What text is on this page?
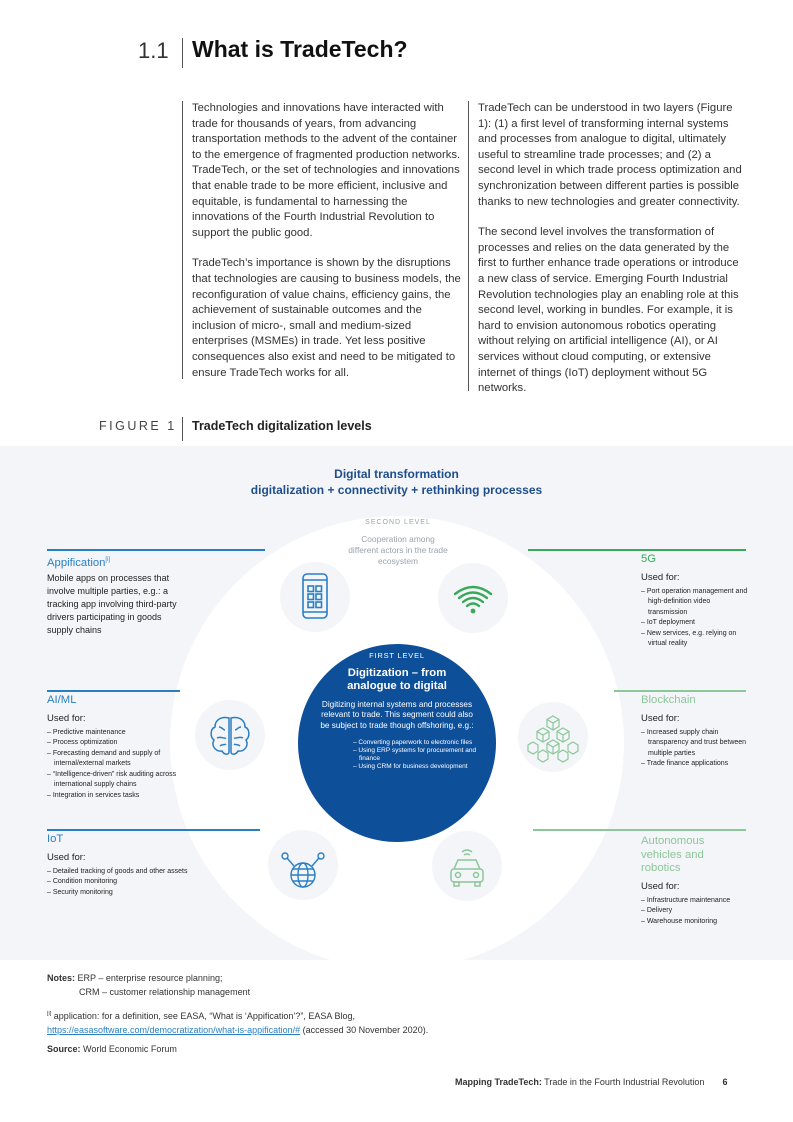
1.1 What is TradeTech?

Technologies and innovations have interacted with trade for thousands of years, from advancing transportation methods to the advent of the container to the emergence of fragmented production networks. TradeTech, or the set of technologies and innovations that enable trade to be more efficient, inclusive and equitable, is fundamental to harnessing the innovations of the Fourth Industrial Revolution to support the public good.

TradeTech’s importance is shown by the disruptions that technologies are causing to business models, the reconfiguration of value chains, efficiency gains, the achievement of sustainable outcomes and the inclusion of micro-, small and medium-sized enterprises (MSMEs) in trade. Yet less positive consequences also exist and need to be mitigated to ensure TradeTech works for all.

TradeTech can be understood in two layers (Figure 1): (1) a first level of transforming internal systems and processes from analogue to digital, ultimately useful to streamline trade processes; and (2) a second level in which trade process optimization and synchronization between different parties is possible thanks to new technologies and greater connectivity.

The second level involves the transformation of processes and relies on the data generated by the first to further enhance trade operations or introduce a new class of service. Emerging Fourth Industrial Revolution technologies play an enabling role at this second level, working in bundles. For example, it is hard to envision autonomous robotics operating without relying on artificial intelligence (AI), or AI services without cloud computing, or extensive internet of things (IoT) deployment without 5G networks.

FIGURE 1 TradeTech digitalization levels
Digital transformation
digitalization + connectivity + rethinking processes
SECOND LEVEL
Cooperation among different actors in the trade ecosystem
FIRST LEVEL
Digitization – from analogue to digital
Digitizing internal systems and processes relevant to trade. This segment could also be subject to trade though offshoring, e.g.:
– Converting paperwork to electronic files
– Using ERP systems for procurement and finance
– Using CRM for business development
Appification[i]
Mobile apps on processes that involve multiple parties, e.g.: a tracking app involving third-party drivers participating in goods supply chains
AI/ML
Used for:
– Predictive maintenance
– Process optimization
– Forecasting demand and supply of internal/external markets
– “Intelligence-driven” risk auditing across international supply chains
– Integration in services tasks
IoT
Used for:
– Detailed tracking of goods and other assets
– Condition monitoring
– Security monitoring
5G
Used for:
– Port operation management and high-definition video transmission
– IoT deployment
– New services, e.g. relying on virtual reality
Blockchain
Used for:
– Increased supply chain transparency and trust between multiple parties
– Trade finance applications
Autonomous vehicles and robotics
Used for:
– Infrastructure maintenance
– Delivery
– Warehouse monitoring
Notes: ERP – enterprise resource planning;
CRM – customer relationship management
[i] application: for a definition, see EASA, “What is ‘Appification’?”, EASA Blog,
https://easasoftware.com/democratization/what-is-appification/# (accessed 30 November 2020).
Source: World Economic Forum
Mapping TradeTech: Trade in the Fourth Industrial Revolution 6
